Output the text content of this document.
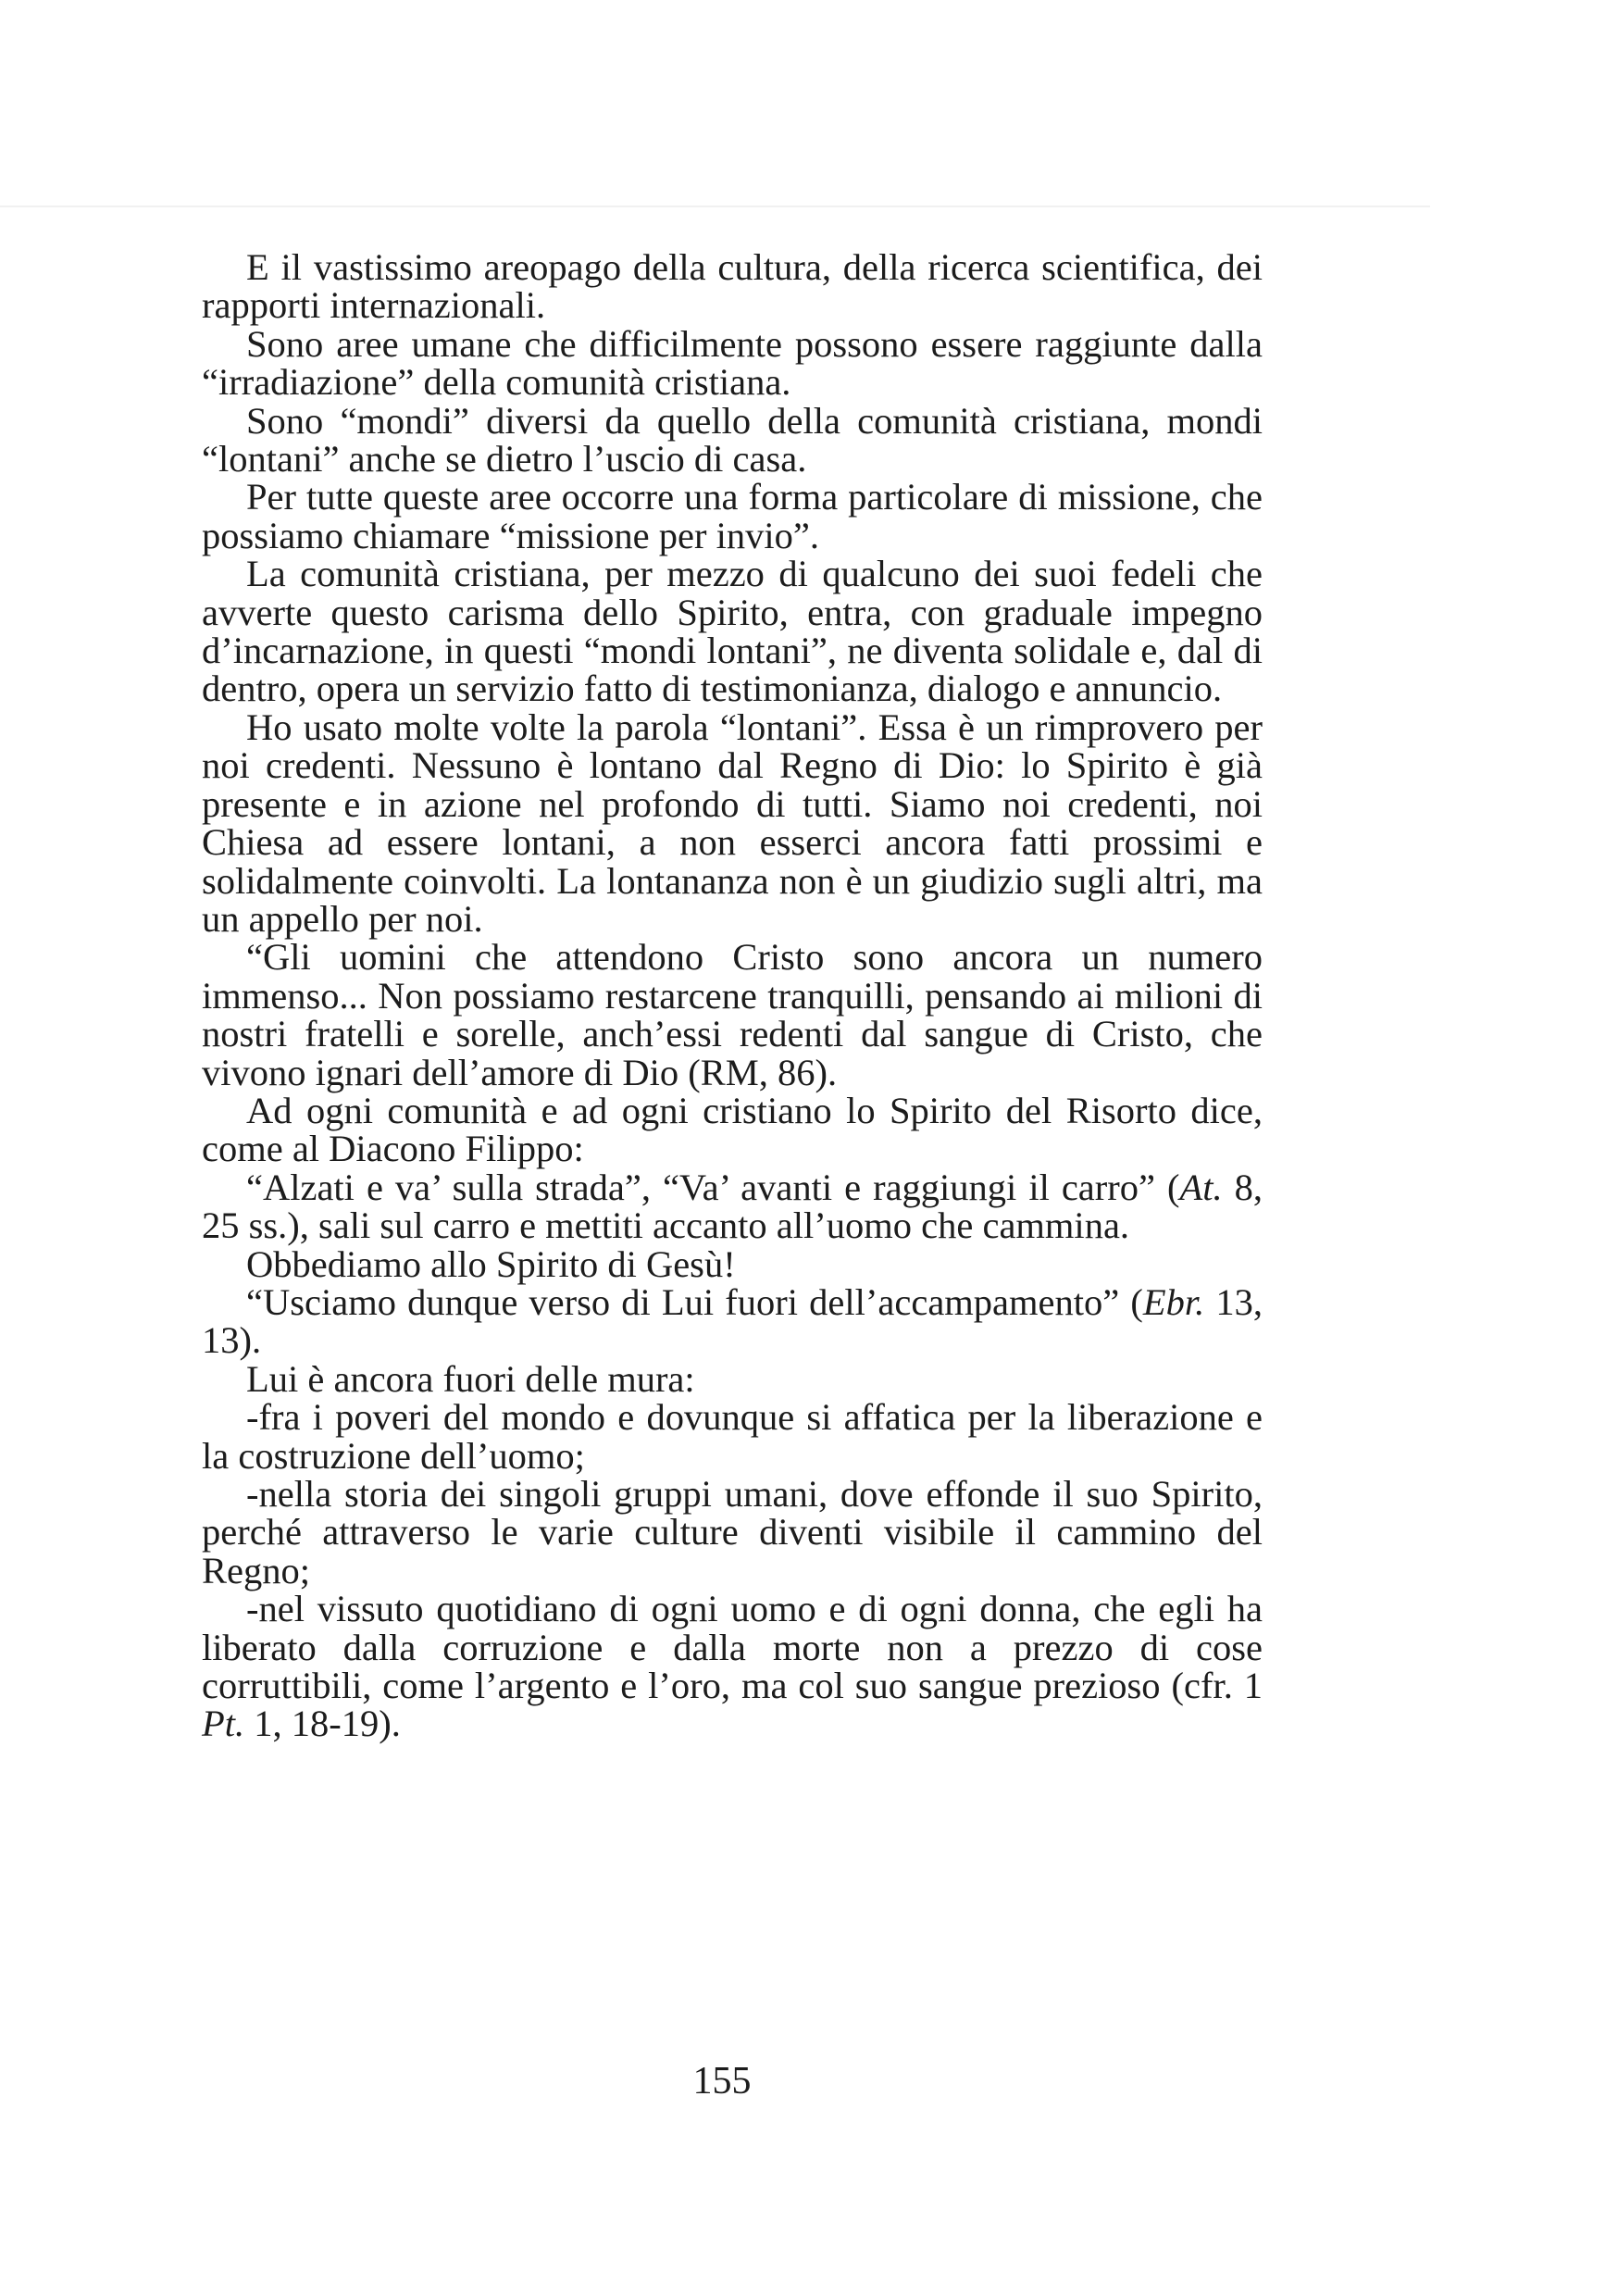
E il vastissimo areopago della cultura, della ricerca scientifica, dei rapporti internazionali.

Sono aree umane che difficilmente possono essere raggiunte dalla “irradiazione” della comunità cristiana.

Sono “mondi” diversi da quello della comunità cristiana, mondi “lontani” anche se dietro l’uscio di casa.

Per tutte queste aree occorre una forma particolare di missione, che possiamo chiamare “missione per invio”.

La comunità cristiana, per mezzo di qualcuno dei suoi fedeli che avverte questo carisma dello Spirito, entra, con graduale impegno d’incarnazione, in questi “mondi lontani”, ne diventa solidale e, dal di dentro, opera un servizio fatto di testimonianza, dialogo e annuncio.

Ho usato molte volte la parola “lontani”. Essa è un rimprovero per noi credenti. Nessuno è lontano dal Regno di Dio: lo Spirito è già presente e in azione nel profondo di tutti. Siamo noi credenti, noi Chiesa ad essere lontani, a non esserci ancora fatti prossimi e solidalmente coinvolti. La lontananza non è un giudizio sugli altri, ma un appello per noi.

“Gli uomini che attendono Cristo sono ancora un numero immenso... Non possiamo restarcene tranquilli, pensando ai milioni di nostri fratelli e sorelle, anch’essi redenti dal sangue di Cristo, che vivono ignari dell’amore di Dio (RM, 86).

Ad ogni comunità e ad ogni cristiano lo Spirito del Risorto dice, come al Diacono Filippo:

“Alzati e va’ sulla strada”, “Va’ avanti e raggiungi il carro” (At. 8, 25 ss.), sali sul carro e mettiti accanto all’uomo che cammina.

Obbediamo allo Spirito di Gesù!

“Usciamo dunque verso di Lui fuori dell’accampamento” (Ebr. 13, 13).

Lui è ancora fuori delle mura:

-fra i poveri del mondo e dovunque si affatica per la liberazione e la costruzione dell’uomo;

-nella storia dei singoli gruppi umani, dove effonde il suo Spirito, perché attraverso le varie culture diventi visibile il cammino del Regno;

-nel vissuto quotidiano di ogni uomo e di ogni donna, che egli ha liberato dalla corruzione e dalla morte non a prezzo di cose corruttibili, come l’argento e l’oro, ma col suo sangue prezioso (cfr. 1 Pt. 1, 18-19).

155
